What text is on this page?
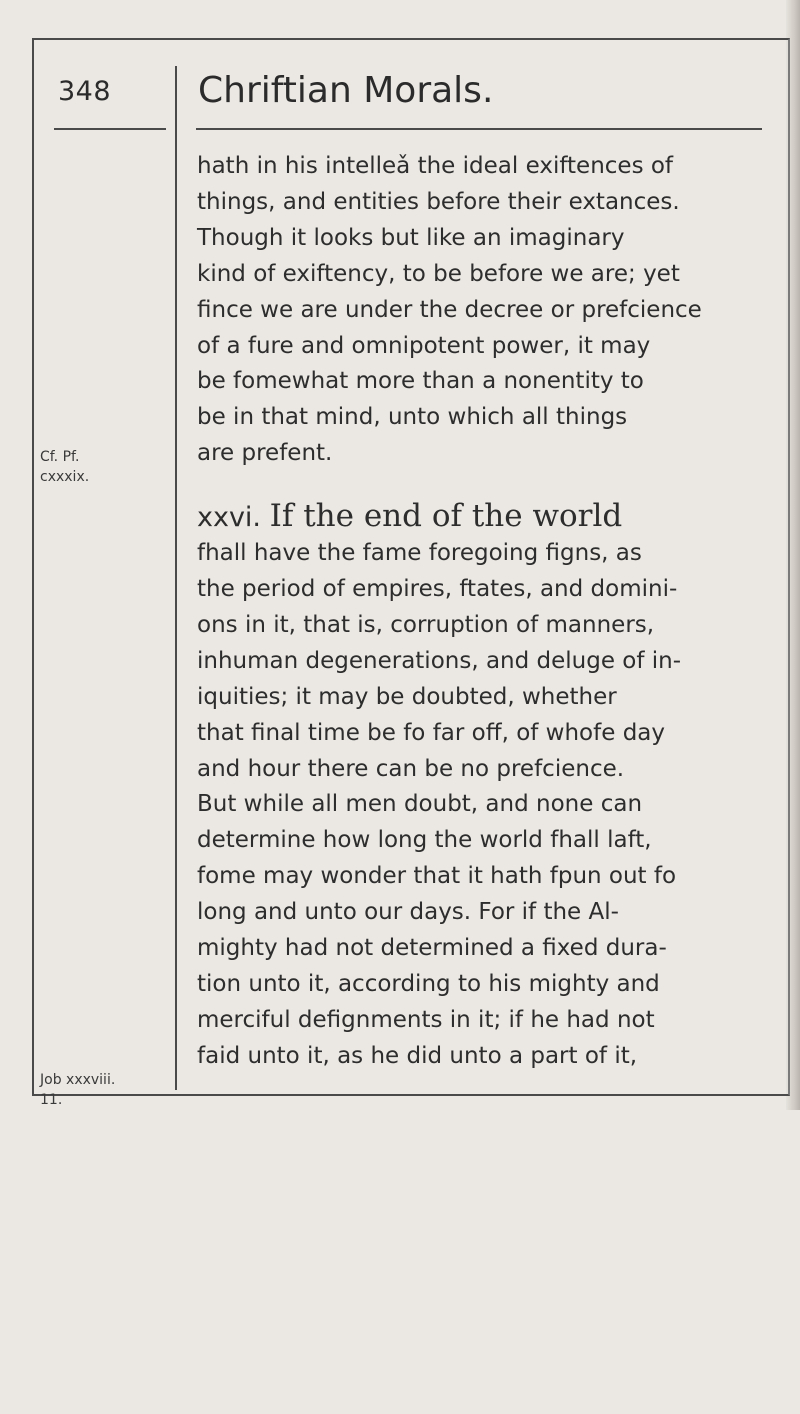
348 Chriftian Morals.
Cf. Pf.
cxxxix.
Job xxxviii.
11.
hath in his intelleǎ the ideal exiftences of
things, and entities before their extances.
Though it looks but like an imaginary
kind of exiftency, to be before we are; yet
fince we are under the decree or prefcience
of a fure and omnipotent power, it may
be fomewhat more than a nonentity to
be in that mind, unto which all things
are prefent.
xxvi. If the end of the world
fhall have the fame foregoing figns, as
the period of empires, ftates, and domini-
ons in it, that is, corruption of manners,
inhuman degenerations, and deluge of in-
iquities; it may be doubted, whether
that final time be fo far off, of whofe day
and hour there can be no prefcience.
But while all men doubt, and none can
determine how long the world fhall laft,
fome may wonder that it hath fpun out fo
long and unto our days. For if the Al-
mighty had not determined a fixed dura-
tion unto it, according to his mighty and
merciful defignments in it; if he had not
faid unto it, as he did unto a part of it,
